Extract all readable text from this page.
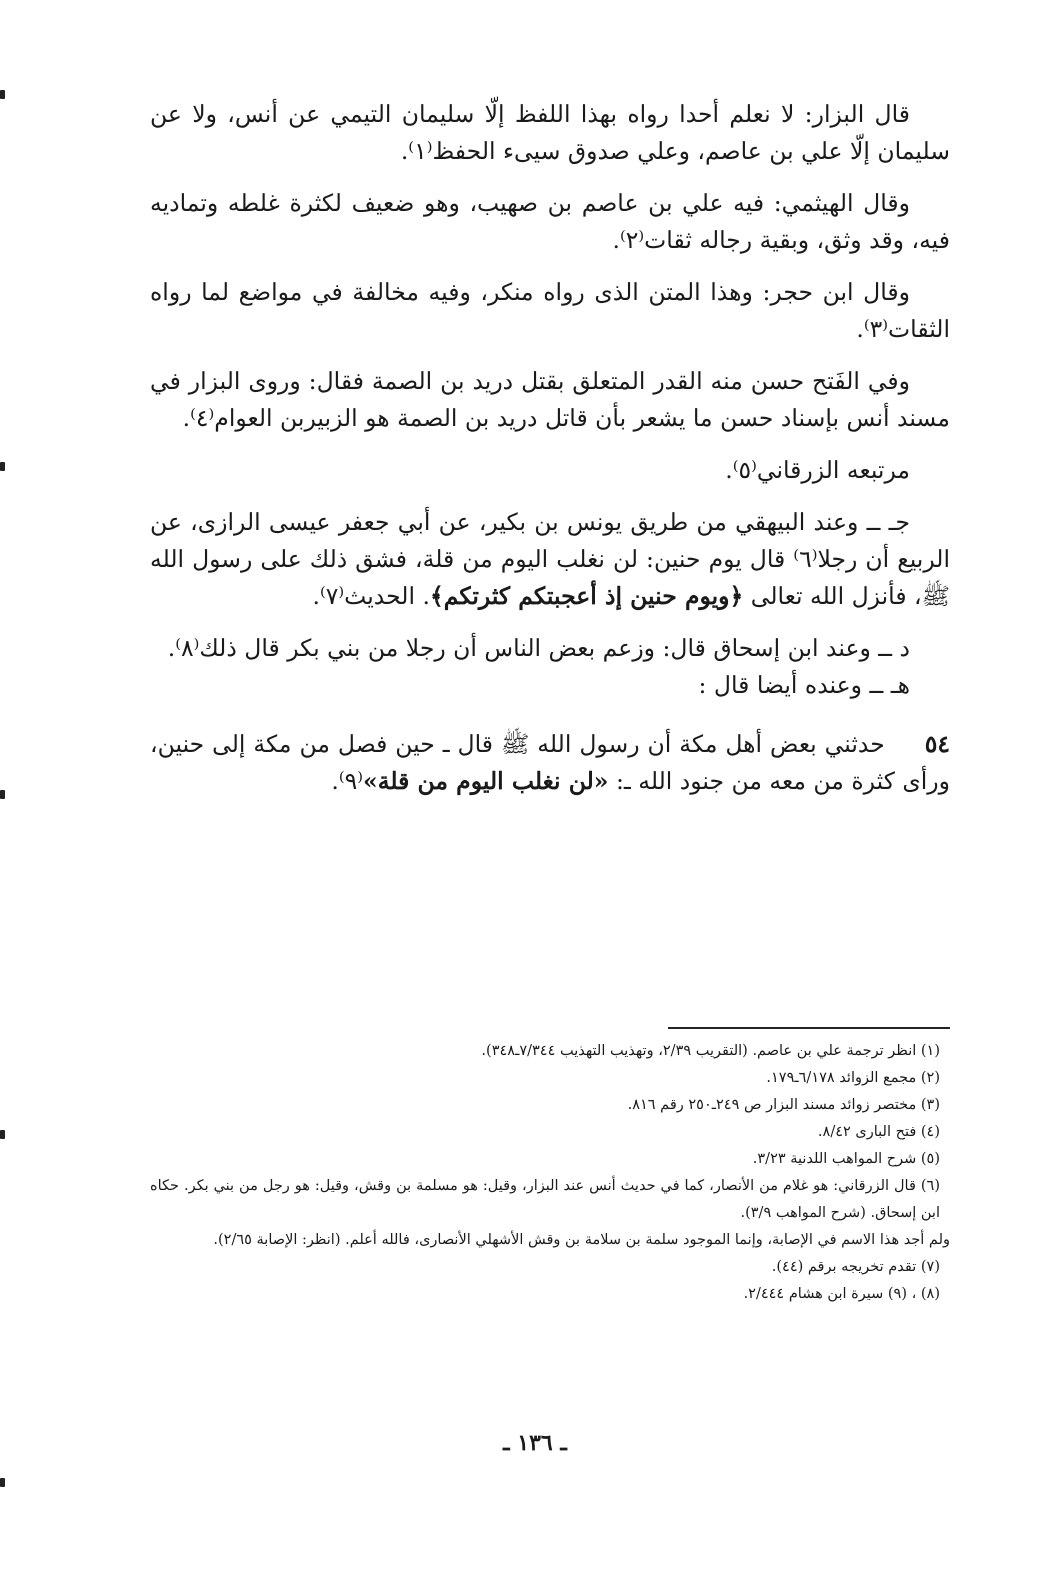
قال البزار: لا نعلم أحدا رواه بهذا اللفظ إلّا سليمان التيمي عن أنس، ولا عن سليمان إلّا علي بن عاصم، وعلي صدوق سيىء الحفظ⁽١⁾.

وقال الهيثمي: فيه علي بن عاصم بن صهيب، وهو ضعيف لكثرة غلطه وتماديه فيه، وقد وثق، وبقية رجاله ثقات⁽٢⁾.

وقال ابن حجر: وهذا المتن الذى رواه منكر، وفيه مخالفة في مواضع لما رواه الثقات⁽٣⁾.

وفي الفَتح حسن منه القدر المتعلق بقتل دريد بن الصمة فقال: وروى البزار في مسند أنس بإسناد حسن ما يشعر بأن قاتل دريد بن الصمة هو الزبيربن العوام⁽٤⁾.

مرتبعه الزرقاني⁽٥⁾.

جـ ــ وعند البيهقي من طريق يونس بن بكير، عن أبي جعفر عيسى الرازى، عن الربيع أن رجلا⁽٦⁾ قال يوم حنين: لن نغلب اليوم من قلة، فشق ذلك على رسول الله ﷺ، فأنزل الله تعالى ﴿ويوم حنين إذ أعجبتكم كثرتكم﴾. الحديث⁽٧⁾.

د ــ وعند ابن إسحاق قال: وزعم بعض الناس أن رجلا من بني بكر قال ذلك⁽٨⁾.

هـ ــ وعنده أيضا قال :

٥٤حدثني بعض أهل مكة أن رسول الله ﷺ قال ـ حين فصل من مكة إلى حنين، ورأى كثرة من معه من جنود الله ـ: «لن نغلب اليوم من قلة»⁽٩⁾.

(١) انظر ترجمة علي بن عاصم. (التقريب ٢/٣٩، وتهذيب التهذيب ٧/٣٤٤ـ٣٤٨).

(٢) مجمع الزوائد ٦/١٧٨ـ١٧٩.

(٣) مختصر زوائد مسند البزار ص ٢٤٩ـ٢٥٠ رقم ٨١٦.

(٤) فتح البارى ٨/٤٢.

(٥) شرح المواهب اللدنية ٣/٢٣.

(٦) قال الزرقاني: هو غلام من الأنصار، كما في حديث أنس عند البزار، وقيل: هو مسلمة بن وقش، وقيل: هو رجل من بني بكر. حكاه ابن إسحاق. (شرح المواهب ٣/٩).

ولم أجد هذا الاسم في الإصابة، وإنما الموجود سلمة بن سلامة بن وقش الأشهلي الأنصارى، فالله أعلم. (انظر: الإصابة ٢/٦٥).

(٧) تقدم تخريجه برقم (٤٤).

(٨) ، (٩) سيرة ابن هشام ٢/٤٤٤.

ـ ١٣٦ ـ
